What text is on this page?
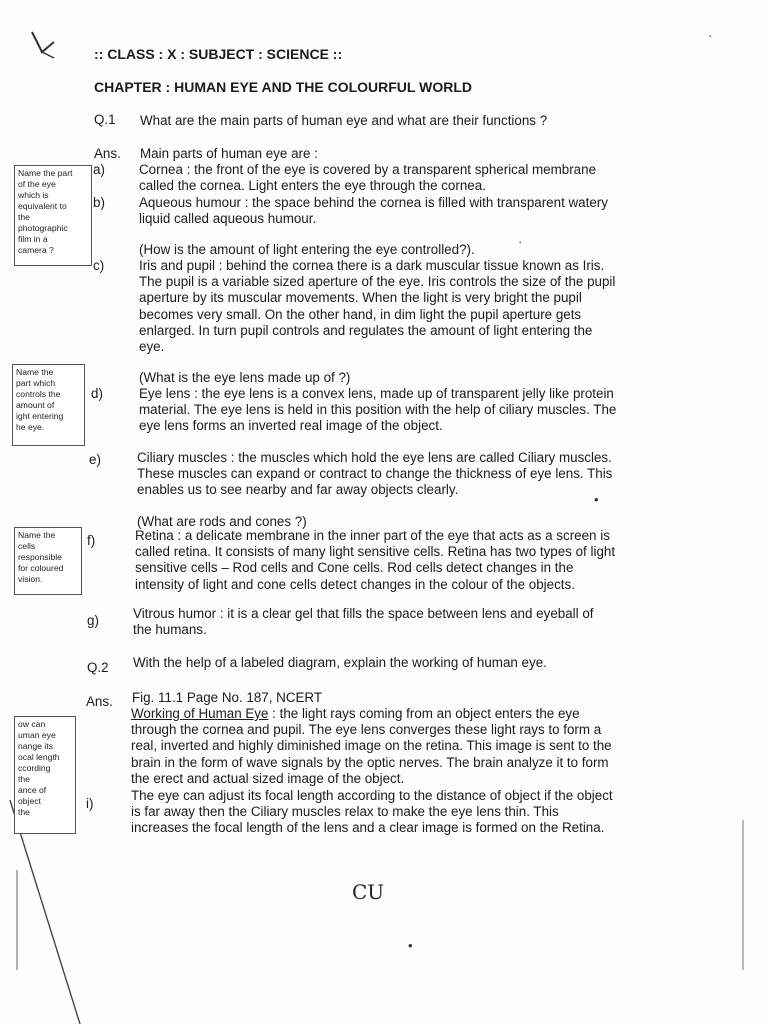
:: CLASS : X : SUBJECT : SCIENCE ::
CHAPTER : HUMAN EYE AND THE COLOURFUL WORLD
Q.1 What are the main parts of human eye and what are their functions ?
Ans. Main parts of human eye are :
a)	Cornea : the front of the eye is covered by a transparent spherical membrane
called the cornea. Light enters the eye through the cornea.
b)	Aqueous humour : the space behind the cornea is filled with transparent watery
liquid called aqueous humour.
(How is the amount of light entering the eye controlled?).
c)	Iris and pupil : behind the cornea there is a dark muscular tissue known as Iris.
The pupil is a variable sized aperture of the eye. Iris controls the size of the pupil
aperture by its muscular movements. When the light is very bright the pupil
becomes very small. On the other hand, in dim light the pupil aperture gets
enlarged. In turn pupil controls and regulates the amount of light entering the
eye.
(What is the eye lens made up of ?)
d)	Eye lens : the eye lens is a convex lens, made up of transparent jelly like protein
material. The eye lens is held in this position with the help of ciliary muscles. The
eye lens forms an inverted real image of the object.
e)	Ciliary muscles : the muscles which hold the eye lens are called Ciliary muscles.
These muscles can expand or contract to change the thickness of eye lens. This
enables us to see nearby and far away objects clearly.
(What are rods and cones ?)
f)	Retina : a delicate membrane in the inner part of the eye that acts as a screen is
called retina. It consists of many light sensitive cells. Retina has two types of light
sensitive cells – Rod cells and Cone cells. Rod cells detect changes in the
intensity of light and cone cells detect changes in the colour of the objects.
g)	Vitrous humor : it is a clear gel that fills the space between lens and eyeball of
the humans.
Q.2 With the help of a labeled diagram, explain the working of human eye.
Ans. Fig. 11.1 Page No. 187, NCERT
Working of Human Eye : the light rays coming from an object enters the eye
through the cornea and pupil. The eye lens converges these light rays to form a
real, inverted and highly diminished image on the retina. This image is sent to the
brain in the form of wave signals by the optic nerves. The brain analyze it to form
the erect and actual sized image of the object.
i)
The eye can adjust its focal length according to the distance of object if the object
is far away then the Ciliary muscles relax to make the eye lens thin. This
increases the focal length of the lens and a clear image is formed on the Retina.
Name the part
of the eye
which is
equivalent to
the
photographic
film in a
camera ?
Name the
part which
controls the
amount of
ight entering
he eye.
Name the
cells
responsible
for coloured
vision.
ow can
uman eye
nange its
ocal length
ccording
the
ance of
object
the
CU
•
•
·
·
